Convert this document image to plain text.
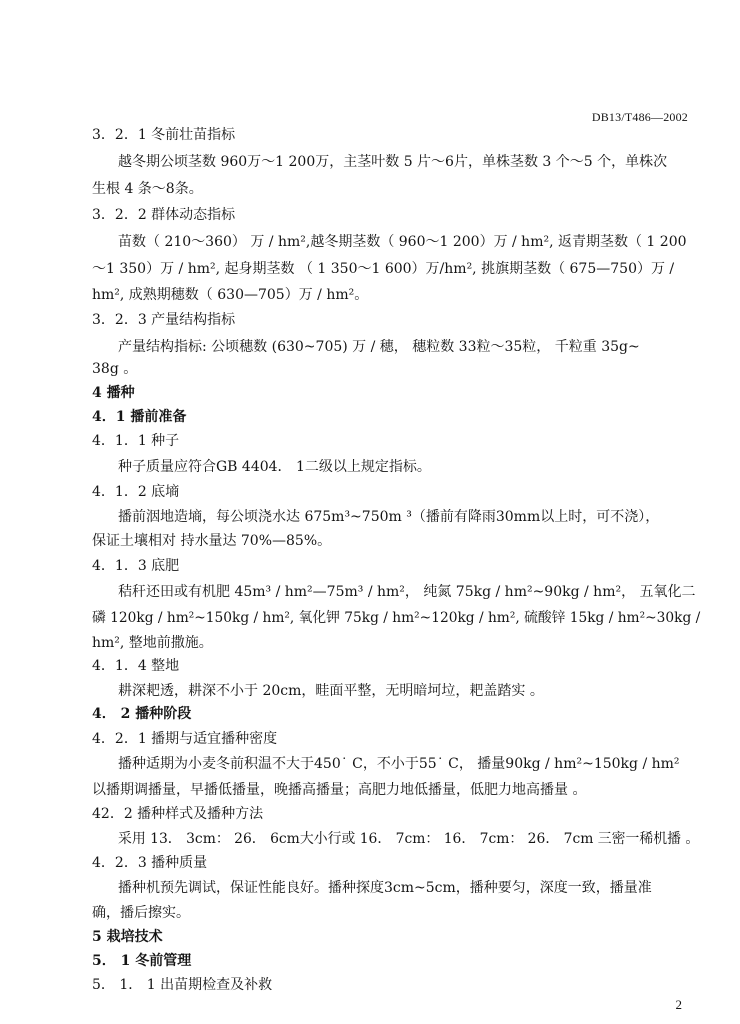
DB13/T486—2002
3．2．1 冬前壮苗指标
越冬期公顷茎数 960万～1 200万，主茎叶数 5 片～6片，单株茎数 3 个～5 个，单株次
生根 4 条～8条。
3．2．2 群体动态指标
苗数（ 210～360） 万 / hm²,越冬期茎数（ 960～1 200）万 / hm², 返青期茎数（ 1 200
～1 350）万 / hm², 起身期茎数 （ 1 350～1 600）万/hm², 挑旗期茎数（ 675—750）万 /
hm², 成熟期穗数（ 630—705）万 / hm²。
3．2．3 产量结构指标
产量结构指标: 公顷穗数 (630~705) 万 / 穗， 穗粒数 33粒～35粒， 千粒重 35g~
38g 。
4 播种
4．1 播前准备
4．1．1 种子
种子质量应符合GB 4404． 1二级以上规定指标。
4．1．2 底墒
播前洇地造墒，每公顷浇水达 675m³~750m ³（播前有降雨30mm以上时，可不浇），
保证土壤相对 持水量达 70%—85%。
4．1．3 底肥
秸秆还田或有机肥 45m³ / hm²—75m³ / hm²， 纯氮 75kg / hm²~90kg / hm²， 五氧化二
磷 120kg / hm²~150kg / hm², 氧化钾 75kg / hm²~120kg / hm², 硫酸锌 15kg / hm²~30kg /
hm², 整地前撒施。
4．1．4 整地
耕深耙透，耕深不小于 20cm，畦面平整，无明暗坷垃，耙盖踏实 。
4． 2 播种阶段
4．2．1 播期与适宜播种密度
播种适期为小麦冬前积温不大于450˙ C，不小于55˙ C， 播量90kg / hm²~150kg / hm²
以播期调播量，早播低播量，晚播高播量；高肥力地低播量，低肥力地高播量 。
42．2 播种样式及播种方法
采用 13． 3cm： 26． 6cm大小行或 16． 7cm： 16． 7cm： 26． 7cm 三密一稀机播 。
4．2．3 播种质量
播种机预先调试，保证性能良好。播种探度3cm~5cm，播种要匀，深度一致，播量准
确，播后擦实。
5 栽培技术
5． 1 冬前管理
5． 1． 1 出苗期检查及补救
2
